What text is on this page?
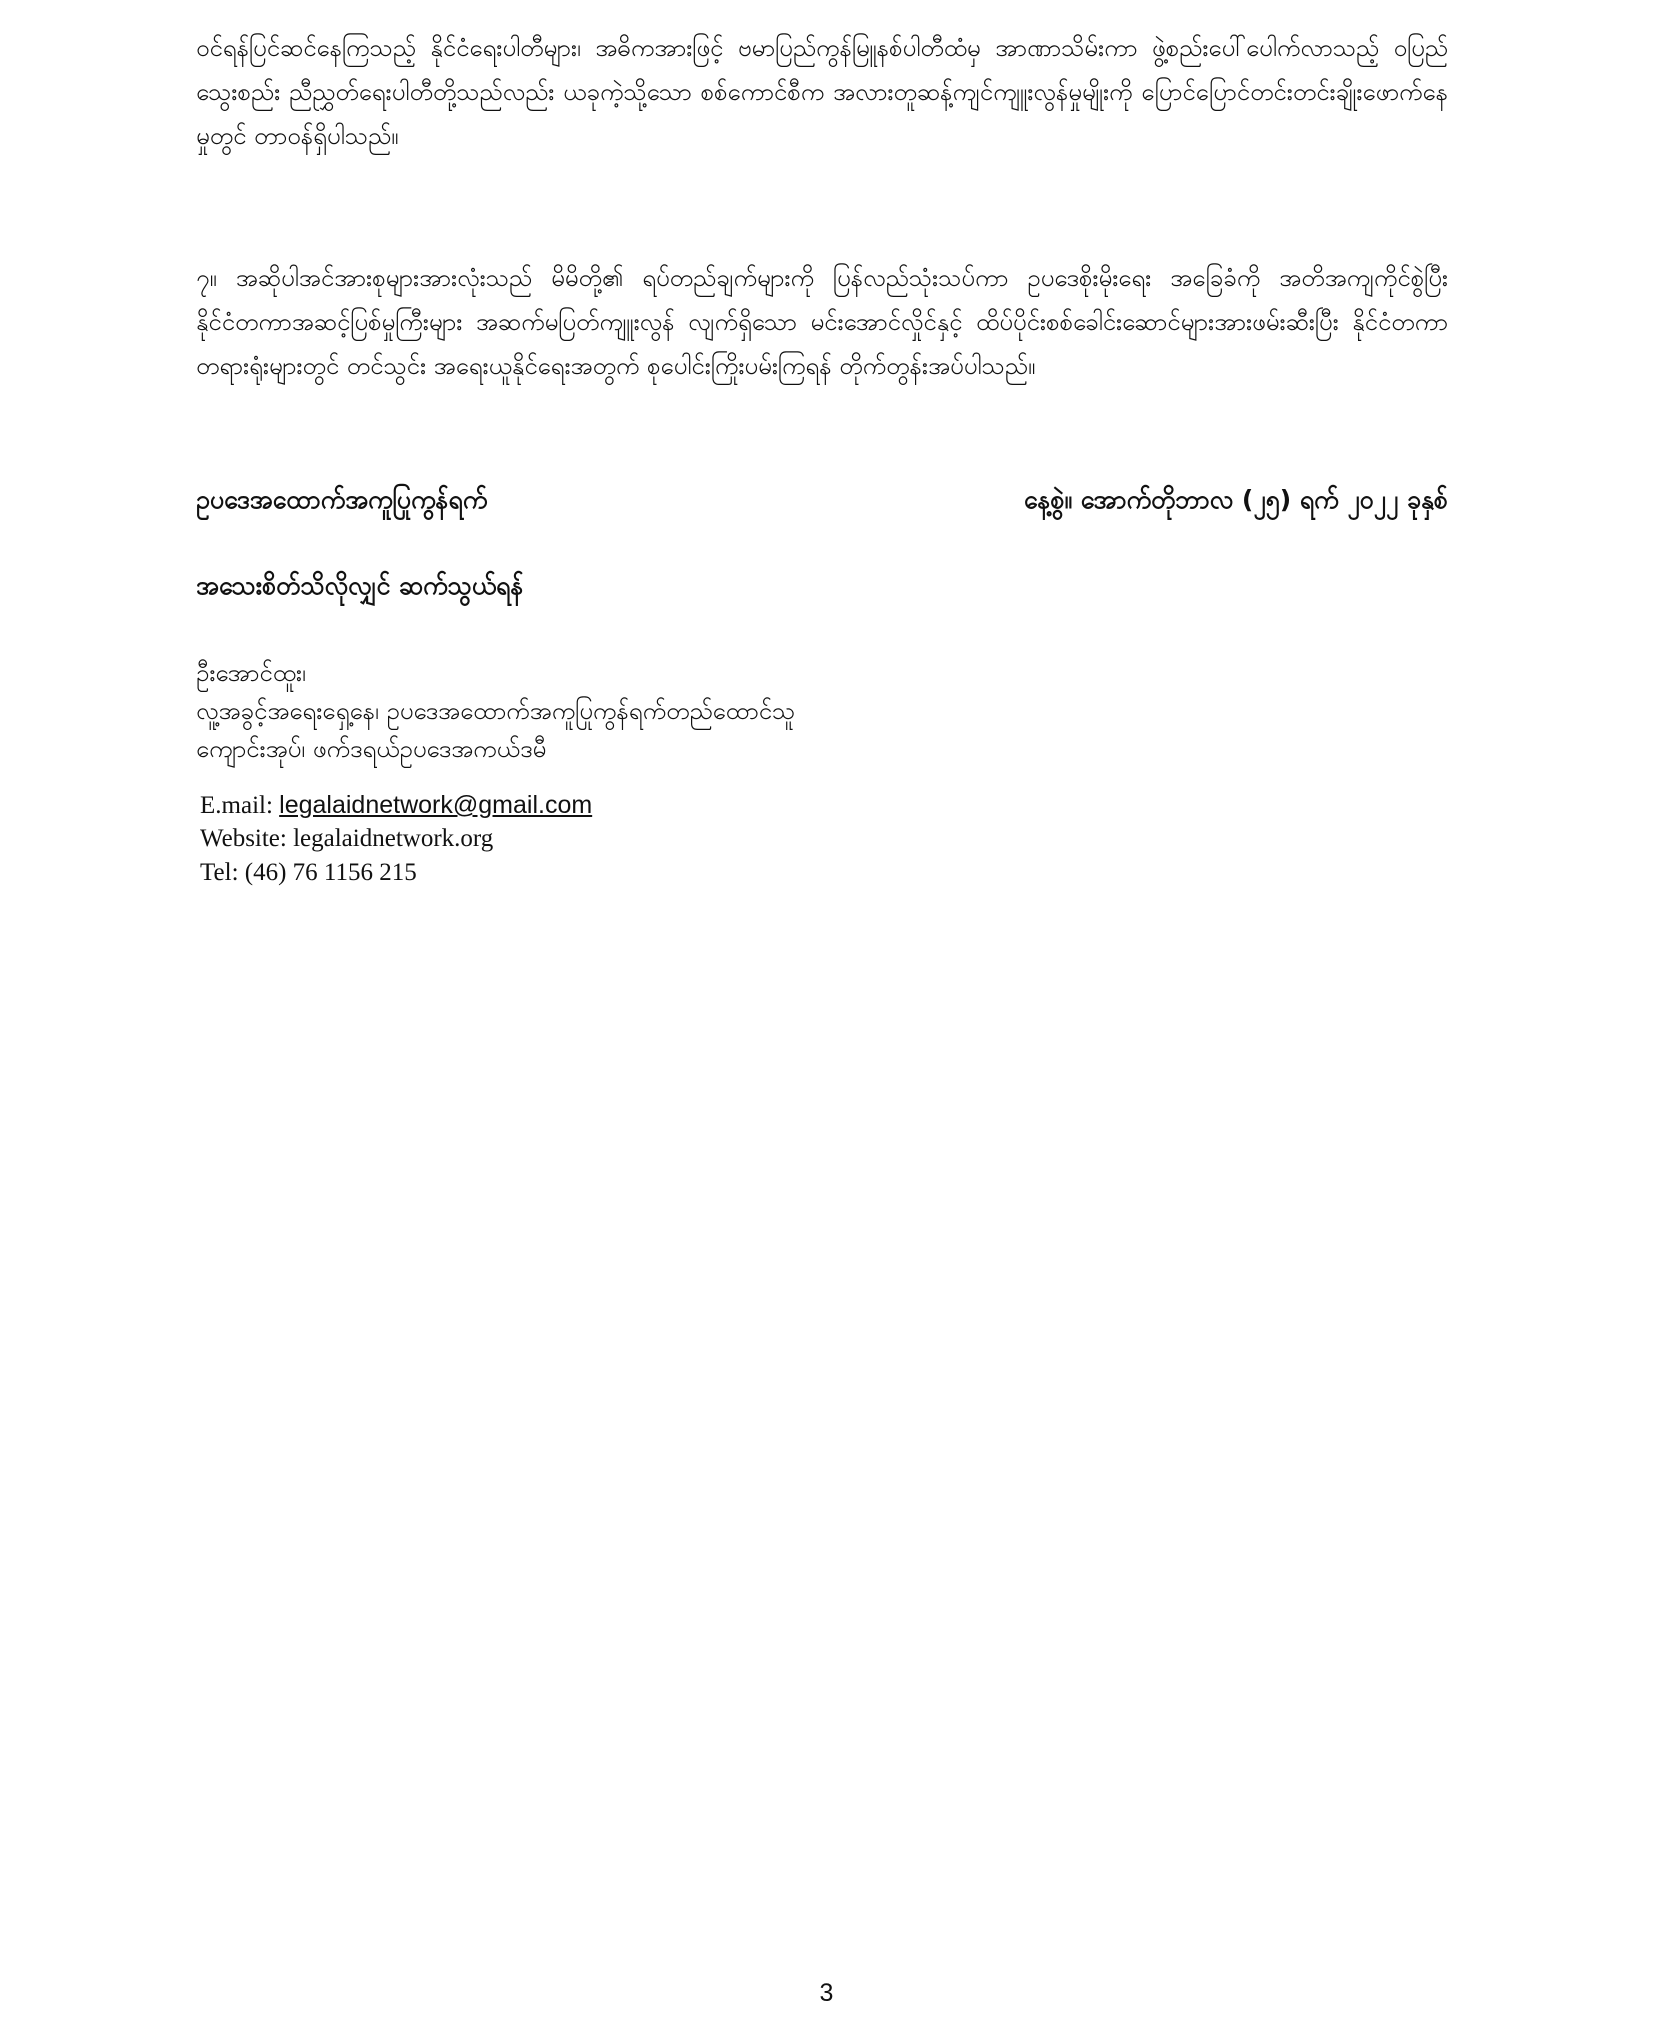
ဝင်ရန်ပြင်ဆင်နေကြသည့် နိုင်ငံရေးပါတီများ၊ အဓိကအားဖြင့် ဗမာပြည်ကွန်မြူနစ်ပါတီထံမှ အာဏာသိမ်းကာ ဖွဲ့စည်းပေါ်ပေါက်လာသည့် ဝပြည်သွေးစည်း ညီညွှတ်ရေးပါတီတို့သည်လည်း ယခုကဲ့သို့သော စစ်ကောင်စီက အလားတူဆန့်ကျင်ကျူးလွန်မှုမျိုးကို ပြောင်ပြောင်တင်းတင်းချိုးဖောက်နေမှုတွင် တာဝန်ရှိပါသည်။

၇။ အဆိုပါအင်အားစုများအားလုံးသည် မိမိတို့၏ ရပ်တည်ချက်များကို ပြန်လည်သုံးသပ်ကာ ဥပဒေစိုးမိုးရေး အခြေခံကို အတိအကျကိုင်စွဲပြီး နိုင်ငံတကာအဆင့်ပြစ်မှုကြီးများ အဆက်မပြတ်ကျူးလွန် လျက်ရှိသော မင်းအောင်လှိုင်နှင့် ထိပ်ပိုင်းစစ်ခေါင်းဆောင်များအားဖမ်းဆီးပြီး နိုင်ငံတကာတရားရုံးများတွင် တင်သွင်း အရေးယူနိုင်ရေးအတွက် စုပေါင်းကြိုးပမ်းကြရန် တိုက်တွန်းအပ်ပါသည်။

ဥပဒေအထောက်အကူပြုကွန်ရက်	နေ့စွဲ။ အောက်တိုဘာလ (၂၅) ရက် ၂၀၂၂ ခုနှစ်
အသေးစိတ်သိလိုလျှင် ဆက်သွယ်ရန်
ဦးအောင်ထူး၊
လူ့အခွင့်အရေးရှေ့နေ၊ ဥပဒေအထောက်အကူပြုကွန်ရက်တည်ထောင်သူ
ကျောင်းအုပ်၊ ဖက်ဒရယ်ဥပဒေအကယ်ဒမီ
E.mail: legalaidnetwork@gmail.com
Website: legalaidnetwork.org
Tel: (46) 76 1156 215
3
